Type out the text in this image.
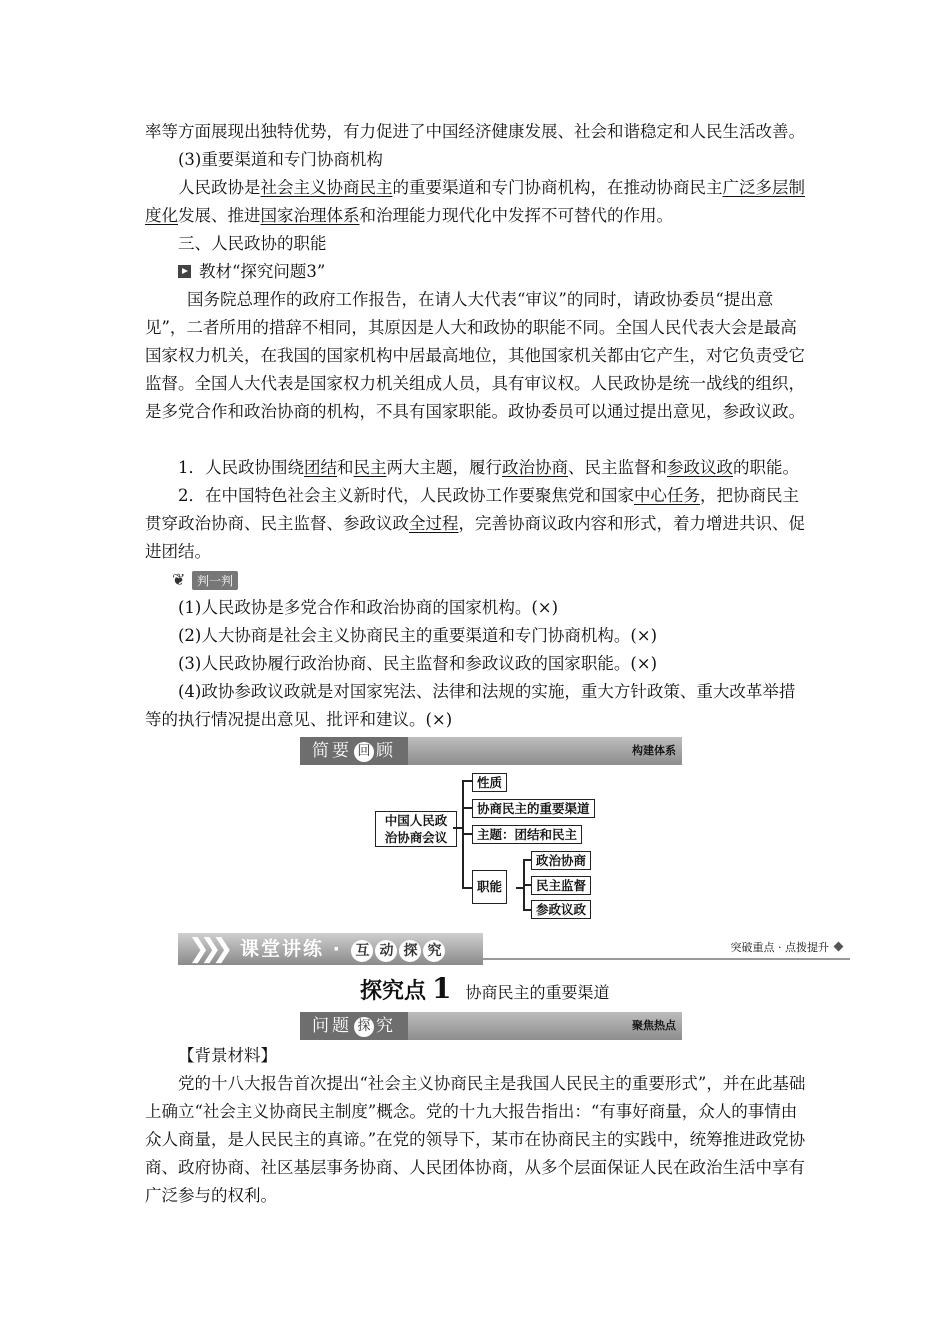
率等方面展现出独特优势，有力促进了中国经济健康发展、社会和谐稳定和人民生活改善。

(3)重要渠道和专门协商机构

人民政协是社会主义协商民主的重要渠道和专门协商机构，在推动协商民主广泛多层制度化发展、推进国家治理体系和治理能力现代化中发挥不可替代的作用。

三、人民政协的职能

教材“探究问题3”

国务院总理作的政府工作报告，在请人大代表“审议”的同时，请政协委员“提出意见”，二者所用的措辞不相同，其原因是人大和政协的职能不同。全国人民代表大会是最高国家权力机关，在我国的国家机构中居最高地位，其他国家机关都由它产生，对它负责受它监督。全国人大代表是国家权力机关组成人员，具有审议权。人民政协是统一战线的组织，是多党合作和政治协商的机构，不具有国家职能。政协委员可以通过提出意见，参政议政。

1．人民政协围绕团结和民主两大主题，履行政治协商、民主监督和参政议政的职能。

2．在中国特色社会主义新时代，人民政协工作要聚焦党和国家中心任务，把协商民主贯穿政治协商、民主监督、参政议政全过程，完善协商议政内容和形式，着力增进共识、促进团结。

❦ 判一判

(1)人民政协是多党合作和政治协商的国家机构。(×)

(2)人大协商是社会主义协商民主的重要渠道和专门协商机构。(×)

(3)人民政协履行政治协商、民主监督和参政议政的国家职能。(×)

(4)政协参政议政就是对国家宪法、法律和法规的实施，重大方针政策、重大改革举措等的执行情况提出意见、批评和建议。(×)

简要 回 顾	构建体系
中国人民政
治协商会议
性质
协商民主的重要渠道
主题：团结和民主
职能
政治协商
民主监督
参政议政
❯❯❯ 课堂讲练 · 互 动 探 究	突破重点 · 点拨提升
探究点 1 协商民主的重要渠道
问题 探 究	聚焦热点

【背景材料】

党的十八大报告首次提出“社会主义协商民主是我国人民民主的重要形式”，并在此基础上确立“社会主义协商民主制度”概念。党的十九大报告指出：“有事好商量，众人的事情由众人商量，是人民民主的真谛。”在党的领导下，某市在协商民主的实践中，统筹推进政党协商、政府协商、社区基层事务协商、人民团体协商，从多个层面保证人民在政治生活中享有广泛参与的权利。
